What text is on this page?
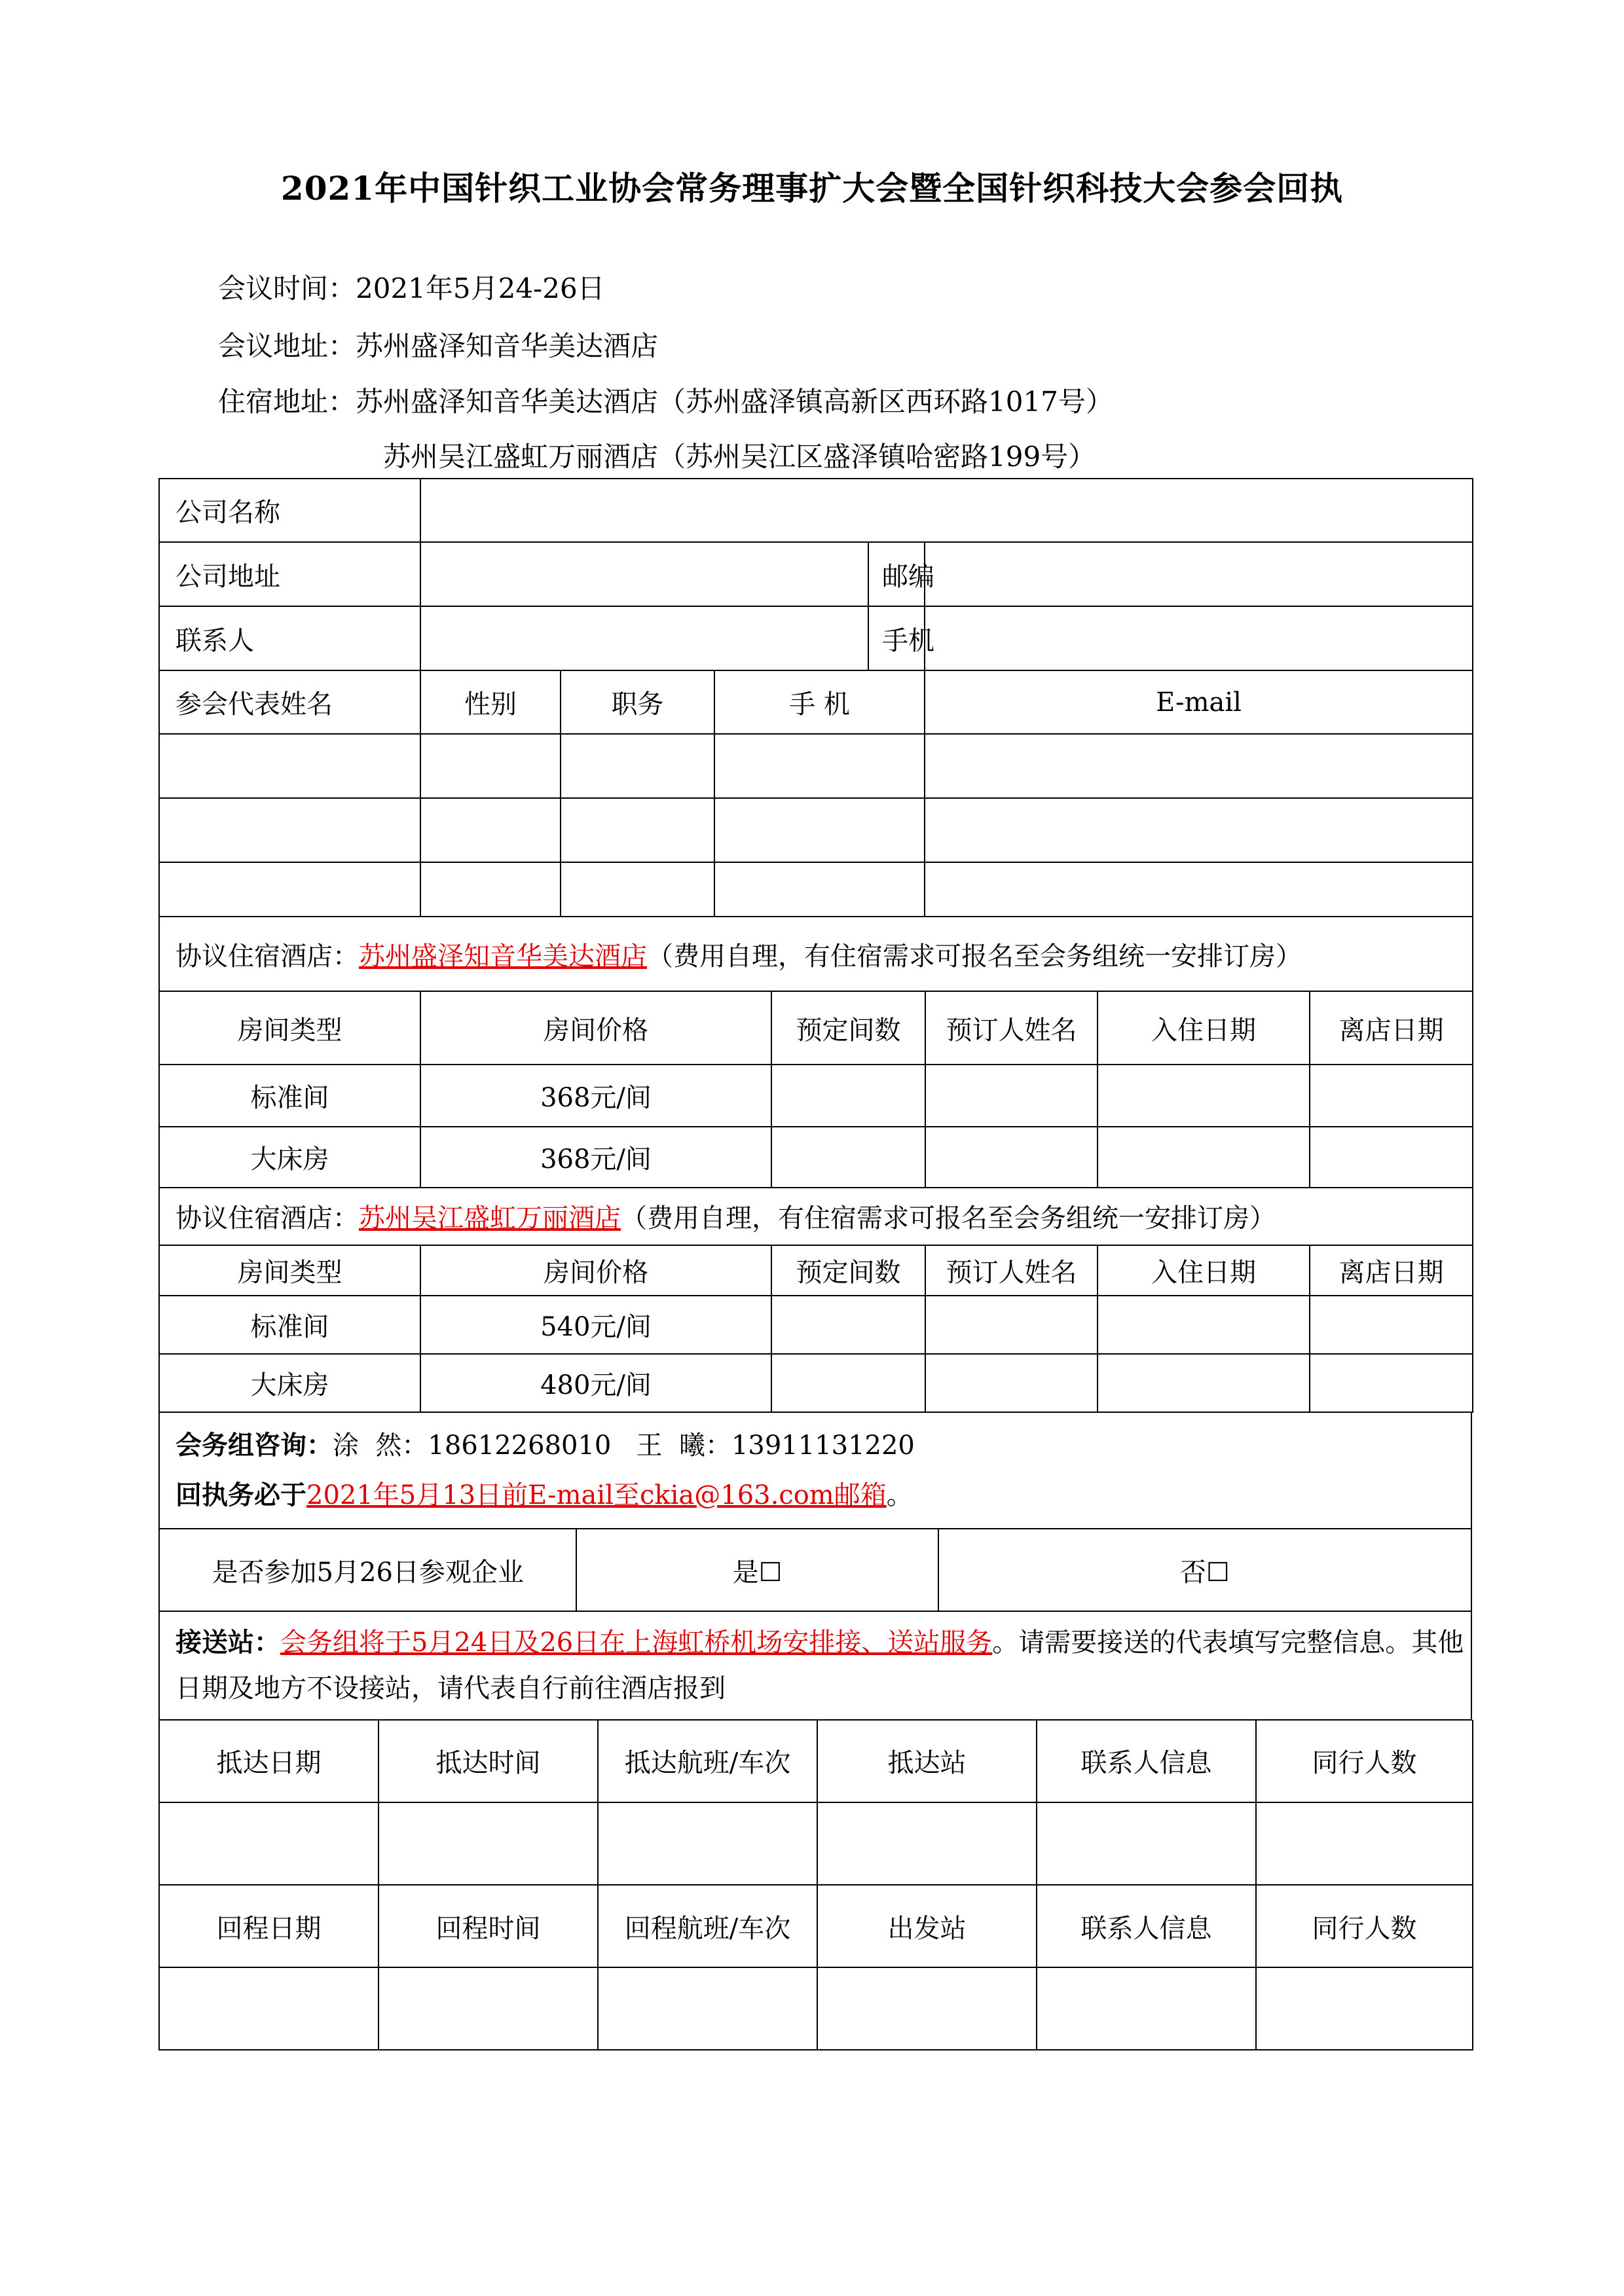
2021年中国针织工业协会常务理事扩大会暨全国针织科技大会参会回执
会议时间：2021年5月24-26日
会议地址：苏州盛泽知音华美达酒店
住宿地址：苏州盛泽知音华美达酒店（苏州盛泽镇高新区西环路1017号）
苏州吴江盛虹万丽酒店（苏州吴江区盛泽镇哈密路199号）
公司名称					
公司地址				邮编	
联系人				手机	
参会代表姓名	性别	职务	手 机		E-mail

协议住宿酒店：苏州盛泽知音华美达酒店（费用自理，有住宿需求可报名至会务组统一安排订房）					
房间类型	房间价格	预定间数	预订人姓名	入住日期	离店日期
标准间	368元/间				
大床房	368元/间				
协议住宿酒店：苏州吴江盛虹万丽酒店（费用自理，有住宿需求可报名至会务组统一安排订房）					
房间类型	房间价格	预定间数	预订人姓名	入住日期	离店日期
标准间	540元/间				
大床房	480元/间				
会务组咨询：涂  然：18612268010   王  曦：13911131220
回执务必于2021年5月13日前E-mail至ckia@163.com邮箱。

是否参加5月26日参观企业	是☐	否☐
接送站：会务组将于5月24日及26日在上海虹桥机场安排接、送站服务。请需要接送的代表填写完整信息。其他日期及地方不设接站，请代表自行前往酒店报到
抵达日期	抵达时间	抵达航班/车次	抵达站	联系人信息	同行人数

回程日期	回程时间	回程航班/车次	出发站	联系人信息	同行人数
